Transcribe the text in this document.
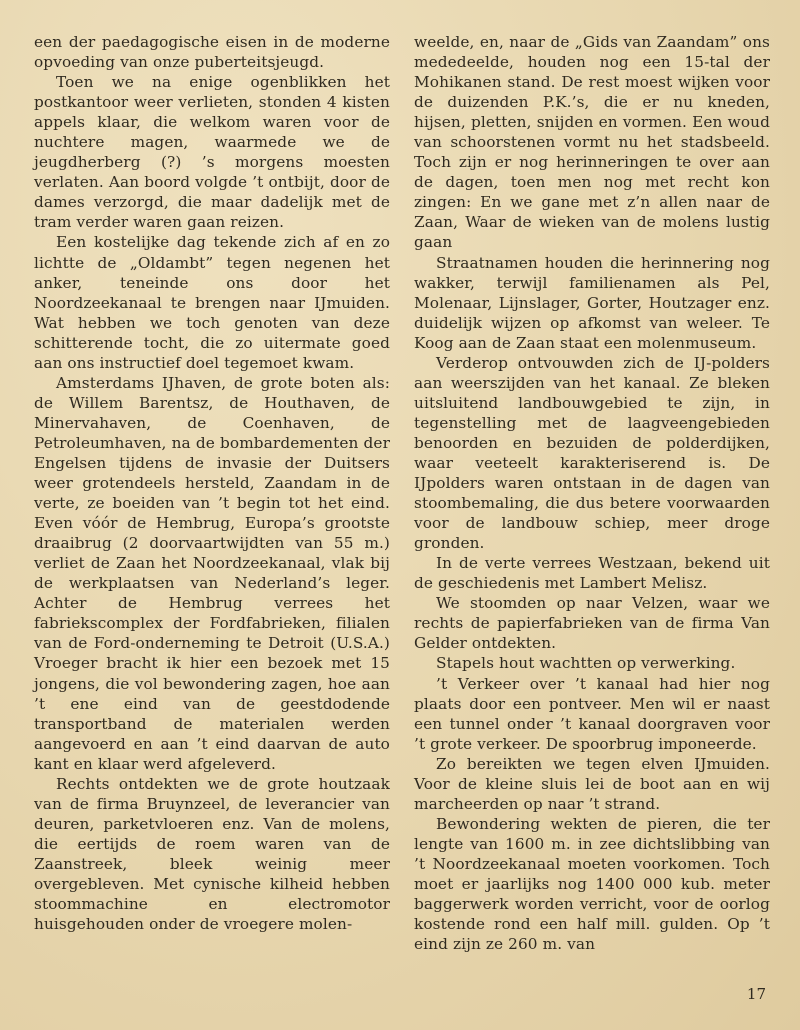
een der paedagogische eisen in de moderne opvoeding van onze puberteitsjeugd.

Toen we na enige ogenblikken het postkantoor weer verlieten, stonden 4 kisten appels klaar, die welkom waren voor de nuchtere magen, waarmede we de jeugdherberg (?) ’s morgens moesten verlaten. Aan boord volgde ’t ontbijt, door de dames verzorgd, die maar dadelijk met de tram verder waren gaan reizen.

Een kostelijke dag tekende zich af en zo lichtte de „Oldambt” tegen negenen het anker, teneinde ons door het Noordzeekanaal te brengen naar IJmuiden. Wat hebben we toch genoten van deze schitterende tocht, die zo uitermate goed aan ons instructief doel tegemoet kwam.

Amsterdams IJhaven, de grote boten als: de Willem Barentsz, de Houthaven, de Minervahaven, de Coenhaven, de Petroleumhaven, na de bombardementen der Engelsen tijdens de invasie der Duitsers weer grotendeels hersteld, Zaandam in de verte, ze boeiden van ’t begin tot het eind. Even vóór de Hembrug, Europa’s grootste draaibrug (2 doorvaartwijdten van 55 m.) verliet de Zaan het Noordzeekanaal, vlak bij de werkplaatsen van Nederland’s leger. Achter de Hembrug verrees het fabriekscomplex der Fordfabrieken, filialen van de Ford-onderneming te Detroit (U.S.A.) Vroeger bracht ik hier een bezoek met 15 jongens, die vol bewondering zagen, hoe aan ’t ene eind van de geestdodende transportband de materialen werden aangevoerd en aan ’t eind daarvan de auto kant en klaar werd afgeleverd.

Rechts ontdekten we de grote houtzaak van de firma Bruynzeel, de leverancier van deuren, parketvloeren enz. Van de molens, die eertijds de roem waren van de Zaanstreek, bleek weinig meer overgebleven. Met cynische kilheid hebben stoommachine en electromotor huisgehouden onder de vroegere molen-

weelde, en, naar de „Gids van Zaandam” ons mededeelde, houden nog een 15-tal der Mohikanen stand. De rest moest wijken voor de duizenden P.K.’s, die er nu kneden, hijsen, pletten, snijden en vormen. Een woud van schoorstenen vormt nu het stadsbeeld. Toch zijn er nog herinneringen te over aan de dagen, toen men nog met recht kon zingen: En we gane met z’n allen naar de Zaan, Waar de wieken van de molens lustig gaan

Straatnamen houden die herinnering nog wakker, terwijl familienamen als Pel, Molenaar, Lijnslager, Gorter, Houtzager enz. duidelijk wijzen op afkomst van weleer. Te Koog aan de Zaan staat een molenmuseum.

Verderop ontvouwden zich de IJ-polders aan weerszijden van het kanaal. Ze bleken uitsluitend landbouwgebied te zijn, in tegenstelling met de laagveengebieden benoorden en bezuiden de polderdijken, waar veeteelt karakteriserend is. De IJpolders waren ontstaan in de dagen van stoombemaling, die dus betere voorwaarden voor de landbouw schiep, meer droge gronden.

In de verte verrees Westzaan, bekend uit de geschiedenis met Lambert Melisz.

We stoomden op naar Velzen, waar we rechts de papierfabrieken van de firma Van Gelder ontdekten.

Stapels hout wachtten op verwerking.

’t Verkeer over ’t kanaal had hier nog plaats door een pontveer. Men wil er naast een tunnel onder ’t kanaal doorgraven voor ’t grote verkeer. De spoorbrug imponeerde.

Zo bereikten we tegen elven IJmuiden. Voor de kleine sluis lei de boot aan en wij marcheerden op naar ’t strand.

Bewondering wekten de pieren, die ter lengte van 1600 m. in zee dichtslibbing van ’t Noordzeekanaal moeten voorkomen. Toch moet er jaarlijks nog 1400 000 kub. meter baggerwerk worden verricht, voor de oorlog kostende rond een half mill. gulden. Op ’t eind zijn ze 260 m. van

17
